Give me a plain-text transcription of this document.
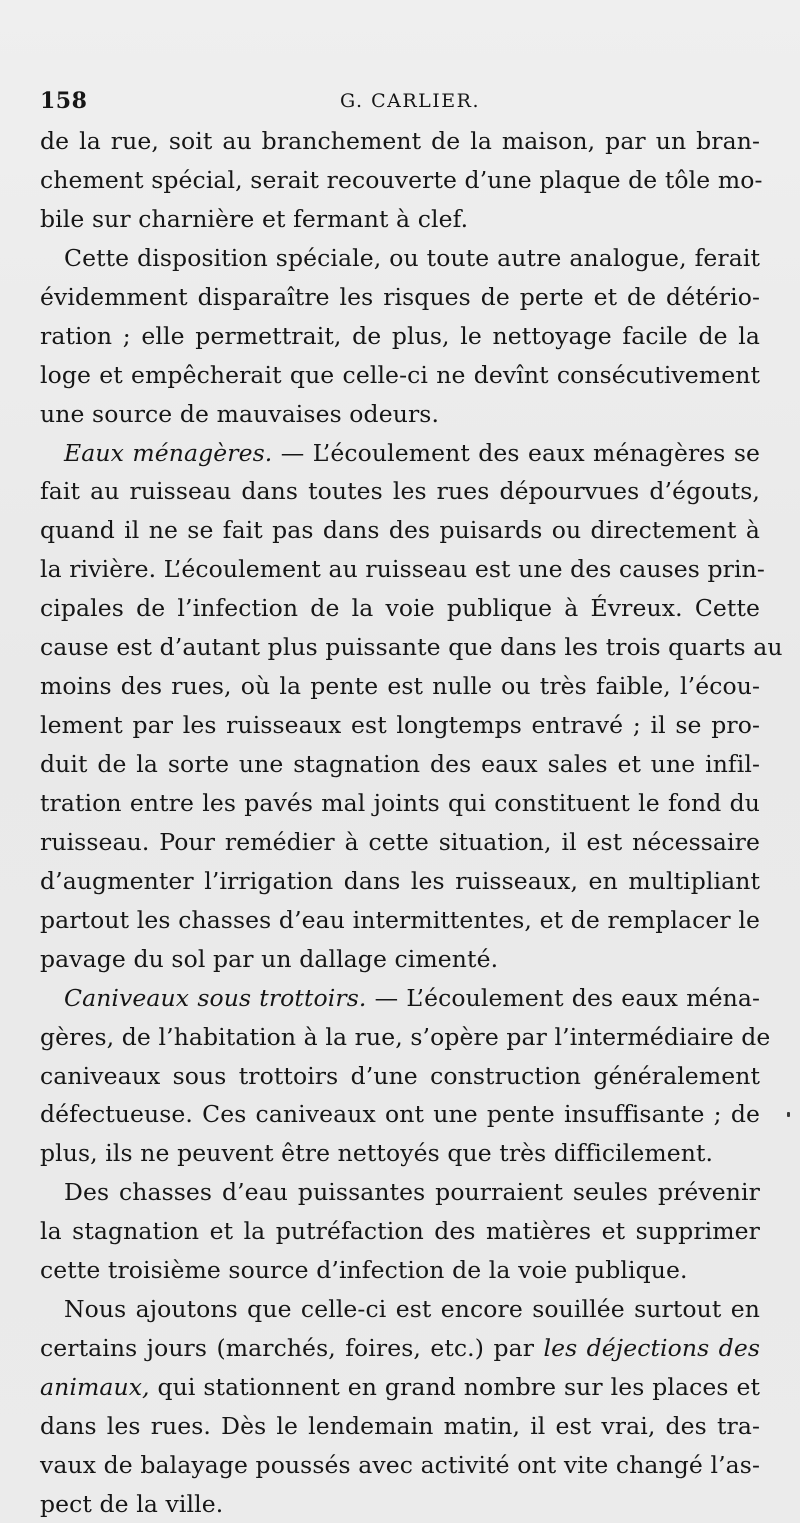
158	G. CARLIER.
de la rue, soit au branchement de la maison, par un bran-
chement spécial, serait recouverte d’une plaque de tôle mo-
bile sur charnière et fermant à clef.
Cette disposition spéciale, ou toute autre analogue, ferait
évidemment disparaître les risques de perte et de détério-
ration ; elle permettrait, de plus, le nettoyage facile de la
loge et empêcherait que celle-ci ne devînt consécutivement
une source de mauvaises odeurs.
Eaux ménagères. — L’écoulement des eaux ménagères se
fait au ruisseau dans toutes les rues dépourvues d’égouts,
quand il ne se fait pas dans des puisards ou directement à
la rivière. L’écoulement au ruisseau est une des causes prin-
cipales de l’infection de la voie publique à Évreux. Cette
cause est d’autant plus puissante que dans les trois quarts au
moins des rues, où la pente est nulle ou très faible, l’écou-
lement par les ruisseaux est longtemps entravé ; il se pro-
duit de la sorte une stagnation des eaux sales et une infil-
tration entre les pavés mal joints qui constituent le fond du
ruisseau. Pour remédier à cette situation, il est nécessaire
d’augmenter l’irrigation dans les ruisseaux, en multipliant
partout les chasses d’eau intermittentes, et de remplacer le
pavage du sol par un dallage cimenté.
Caniveaux sous trottoirs. — L’écoulement des eaux ména-
gères, de l’habitation à la rue, s’opère par l’intermédiaire de
caniveaux sous trottoirs d’une construction généralement
défectueuse. Ces caniveaux ont une pente insuffisante ; de
plus, ils ne peuvent être nettoyés que très difficilement.
Des chasses d’eau puissantes pourraient seules prévenir
la stagnation et la putréfaction des matières et supprimer
cette troisième source d’infection de la voie publique.
Nous ajoutons que celle-ci est encore souillée surtout en
certains jours (marchés, foires, etc.) par les déjections des
animaux, qui stationnent en grand nombre sur les places et
dans les rues. Dès le lendemain matin, il est vrai, des tra-
vaux de balayage poussés avec activité ont vite changé l’as-
pect de la ville.
